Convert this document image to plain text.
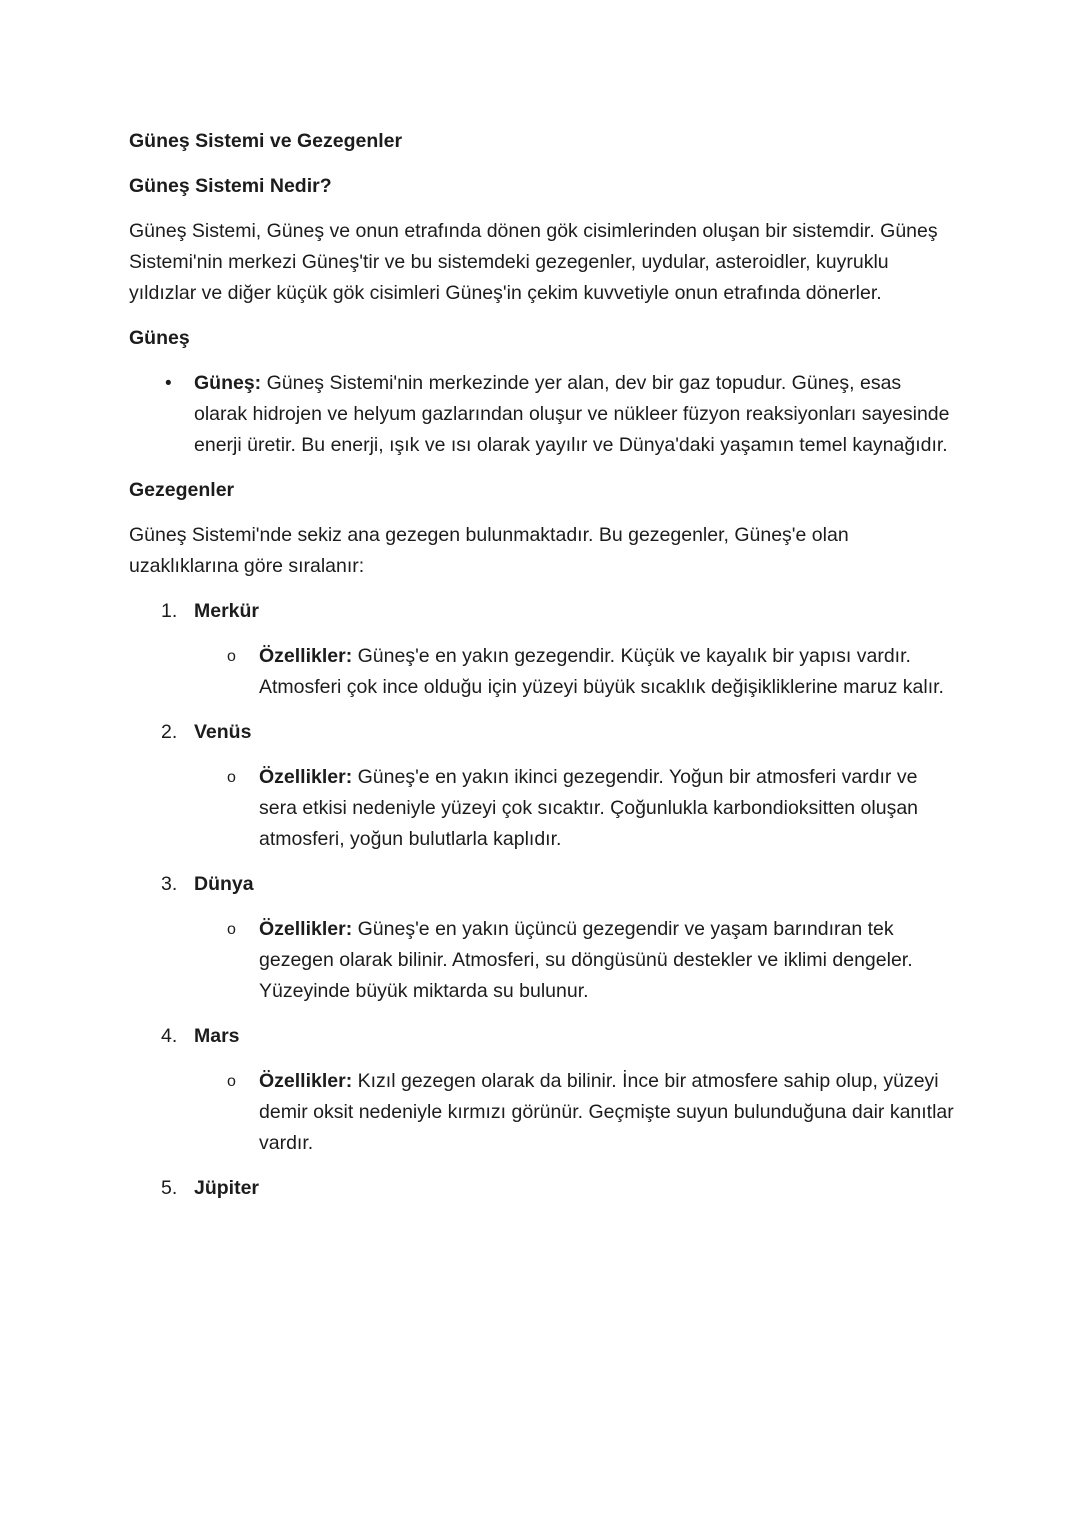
Güneş Sistemi ve Gezegenler

Güneş Sistemi Nedir?

Güneş Sistemi, Güneş ve onun etrafında dönen gök cisimlerinden oluşan bir sistemdir. Güneş Sistemi'nin merkezi Güneş'tir ve bu sistemdeki gezegenler, uydular, asteroidler, kuyruklu yıldızlar ve diğer küçük gök cisimleri Güneş'in çekim kuvvetiyle onun etrafında dönerler.

Güneş

• Güneş: Güneş Sistemi'nin merkezinde yer alan, dev bir gaz topudur. Güneş, esas olarak hidrojen ve helyum gazlarından oluşur ve nükleer füzyon reaksiyonları sayesinde enerji üretir. Bu enerji, ışık ve ısı olarak yayılır ve Dünya'daki yaşamın temel kaynağıdır.

Gezegenler

Güneş Sistemi'nde sekiz ana gezegen bulunmaktadır. Bu gezegenler, Güneş'e olan uzaklıklarına göre sıralanır:

1. Merkür
o Özellikler: Güneş'e en yakın gezegendir. Küçük ve kayalık bir yapısı vardır. Atmosferi çok ince olduğu için yüzeyi büyük sıcaklık değişikliklerine maruz kalır.
2. Venüs
o Özellikler: Güneş'e en yakın ikinci gezegendir. Yoğun bir atmosferi vardır ve sera etkisi nedeniyle yüzeyi çok sıcaktır. Çoğunlukla karbondioksitten oluşan atmosferi, yoğun bulutlarla kaplıdır.
3. Dünya
o Özellikler: Güneş'e en yakın üçüncü gezegendir ve yaşam barındıran tek gezegen olarak bilinir. Atmosferi, su döngüsünü destekler ve iklimi dengeler. Yüzeyinde büyük miktarda su bulunur.
4. Mars
o Özellikler: Kızıl gezegen olarak da bilinir. İnce bir atmosfere sahip olup, yüzeyi demir oksit nedeniyle kırmızı görünür. Geçmişte suyun bulunduğuna dair kanıtlar vardır.
5. Jüpiter
